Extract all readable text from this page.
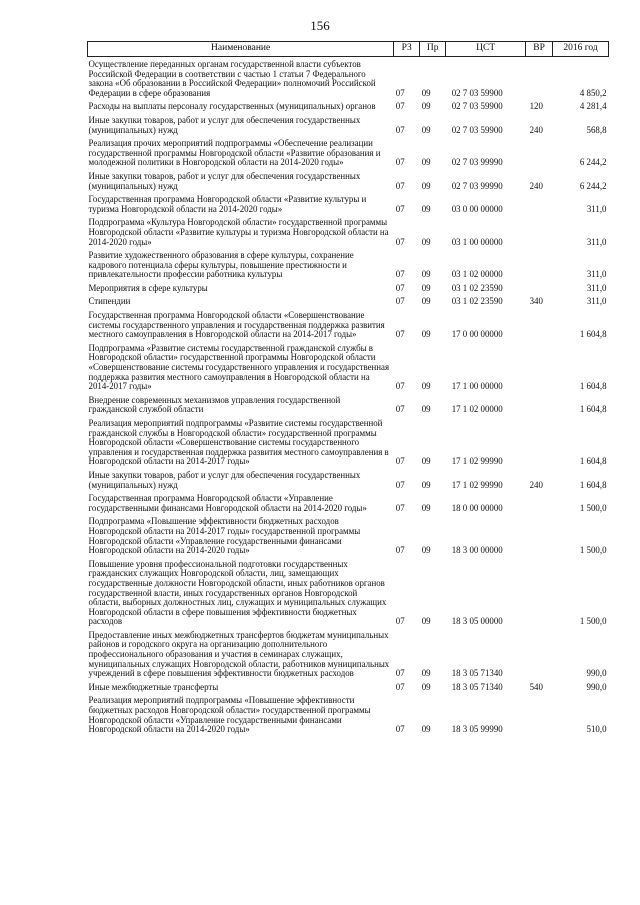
156
Наименование	РЗ	Пр	ЦСТ	ВР	2016 год
Осуществление переданных органам государственной власти субъектов Российской Федерации в соответствии с частью 1 статьи 7 Федерального закона «Об образовании в Российской Федерации» полномочий Российской Федерации в сфере образования	07	09	02 7 03 59900		4 850,2
Расходы на выплаты персоналу государственных (муниципальных) органов	07	09	02 7 03 59900	120	4 281,4
Иные закупки товаров, работ и услуг для обеспечения государственных (муниципальных) нужд	07	09	02 7 03 59900	240	568,8
Реализация прочих мероприятий подпрограммы «Обеспечение реализации государственной программы Новгородской области «Развитие образования и молодежной политики в Новгородской области на 2014-2020 годы»	07	09	02 7 03 99990		6 244,2
Иные закупки товаров, работ и услуг для обеспечения государственных (муниципальных) нужд	07	09	02 7 03 99990	240	6 244,2
Государственная программа Новгородской области «Развитие культуры и туризма Новгородской области на 2014-2020 годы»	07	09	03 0 00 00000		311,0
Подпрограмма «Культура Новгородской области» государственной программы Новгородской области «Развитие культуры и туризма Новгородской области на 2014-2020 годы»	07	09	03 1 00 00000		311,0
Развитие художественного образования в сфере культуры, сохранение кадрового потенциала сферы культуры, повышение престижности и привлекательности профессии работника культуры	07	09	03 1 02 00000		311,0
Мероприятия в сфере культуры	07	09	03 1 02 23590		311,0
Стипендии	07	09	03 1 02 23590	340	311,0
Государственная программа Новгородской области «Совершенствование системы государственного управления и государственная поддержка развития местного самоуправления в Новгородской области на 2014-2017 годы»	07	09	17 0 00 00000		1 604,8
Подпрограмма «Развитие системы государственной гражданской службы в Новгородской области» государственной программы Новгородской области «Совершенствование системы государственного управления и государственная поддержка развития местного самоуправления в Новгородской области на 2014-2017 годы»	07	09	17 1 00 00000		1 604,8
Внедрение современных механизмов управления государственной гражданской службой области	07	09	17 1 02 00000		1 604,8
Реализация мероприятий подпрограммы «Развитие системы государственной гражданской службы в Новгородской области» государственной программы Новгородской области «Совершенствование системы государственного управления и государственная поддержка развития местного самоуправления в Новгородской области на 2014-2017 годы»	07	09	17 1 02 99990		1 604,8
Иные закупки товаров, работ и услуг для обеспечения государственных (муниципальных) нужд	07	09	17 1 02 99990	240	1 604,8
Государственная программа Новгородской области «Управление государственными финансами Новгородской области на 2014-2020 годы»	07	09	18 0 00 00000		1 500,0
Подпрограмма «Повышение эффективности бюджетных расходов Новгородской области на 2014-2017 годы» государственной программы Новгородской области «Управление государственными финансами Новгородской области на 2014-2020 годы»	07	09	18 3 00 00000		1 500,0
Повышение уровня профессиональной подготовки государственных гражданских служащих Новгородской области, лиц, замещающих государственные должности Новгородской области, иных работников органов государственной власти, иных государственных органов Новгородской области, выборных должностных лиц, служащих и муниципальных служащих Новгородской области в сфере повышения эффективности бюджетных расходов	07	09	18 3 05 00000		1 500,0
Предоставление иных межбюджетных трансфертов бюджетам муниципальных районов и городского округа на организацию дополнительного профессионального образования и участия в семинарах служащих, муниципальных служащих Новгородской области, работников муниципальных учреждений в сфере повышения эффективности бюджетных расходов	07	09	18 3 05 71340		990,0
Иные межбюджетные трансферты	07	09	18 3 05 71340	540	990,0
Реализация мероприятий подпрограммы «Повышение эффективности бюджетных расходов Новгородской области» государственной программы Новгородской области «Управление государственными финансами Новгородской области на 2014-2020 годы»	07	09	18 3 05 99990		510,0
